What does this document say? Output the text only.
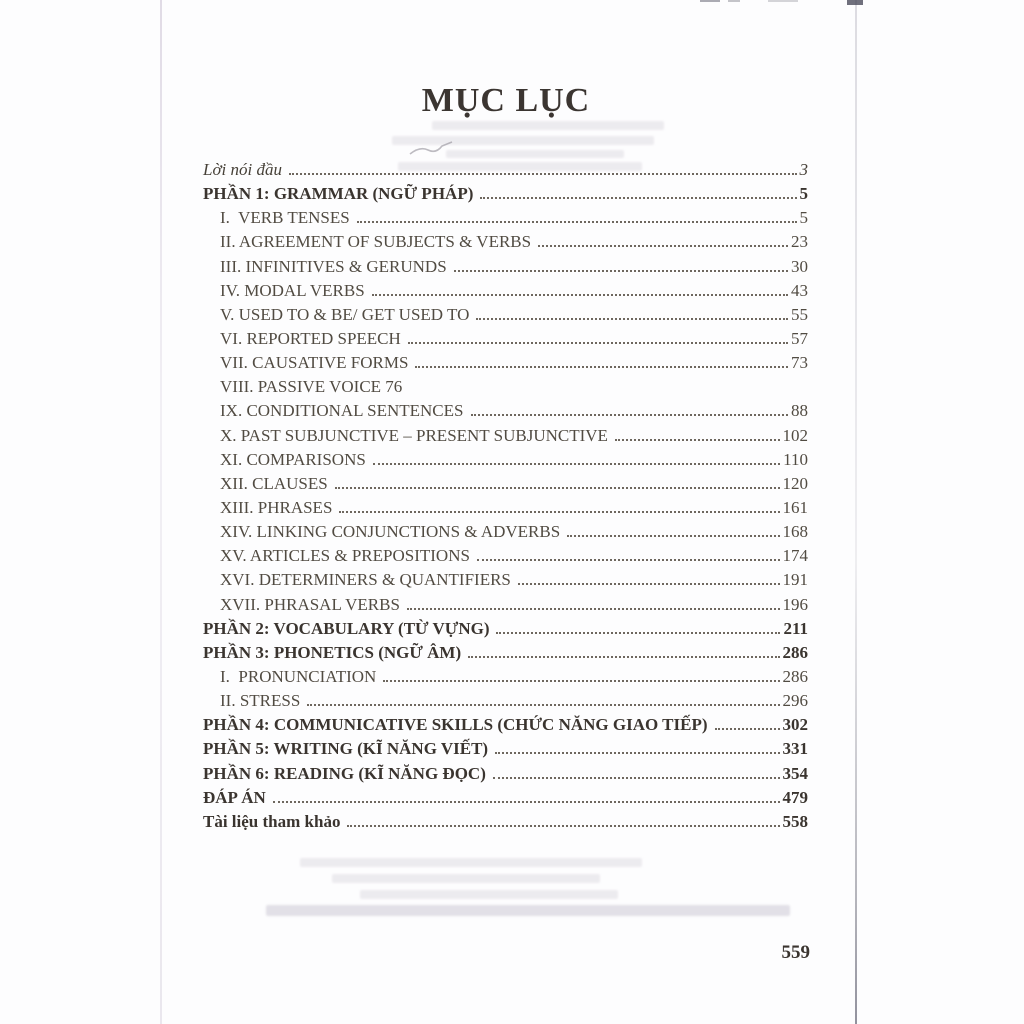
MỤC LỤC
Lời nói đầu	3
PHẦN 1: GRAMMAR (NGỮ PHÁP)	5
I.  VERB TENSES	5
II. AGREEMENT OF SUBJECTS & VERBS	23
III. INFINITIVES & GERUNDS	30
IV. MODAL VERBS	43
V. USED TO & BE/ GET USED TO	55
VI. REPORTED SPEECH	57
VII. CAUSATIVE FORMS	73
VIII. PASSIVE VOICE 76
IX. CONDITIONAL SENTENCES	88
X. PAST SUBJUNCTIVE – PRESENT SUBJUNCTIVE	102
XI. COMPARISONS	110
XII. CLAUSES	120
XIII. PHRASES	161
XIV. LINKING CONJUNCTIONS & ADVERBS	168
XV. ARTICLES & PREPOSITIONS	174
XVI. DETERMINERS & QUANTIFIERS	191
XVII. PHRASAL VERBS	196
PHẦN 2: VOCABULARY (TỪ VỰNG)	211
PHẦN 3: PHONETICS (NGỮ ÂM)	286
I.  PRONUNCIATION	286
II. STRESS	296
PHẦN 4: COMMUNICATIVE SKILLS (CHỨC NĂNG GIAO TIẾP)	302
PHẦN 5: WRITING (KĨ NĂNG VIẾT)	331
PHẦN 6: READING (KĨ NĂNG ĐỌC)	354
ĐÁP ÁN	479
Tài liệu tham khảo	558
559
